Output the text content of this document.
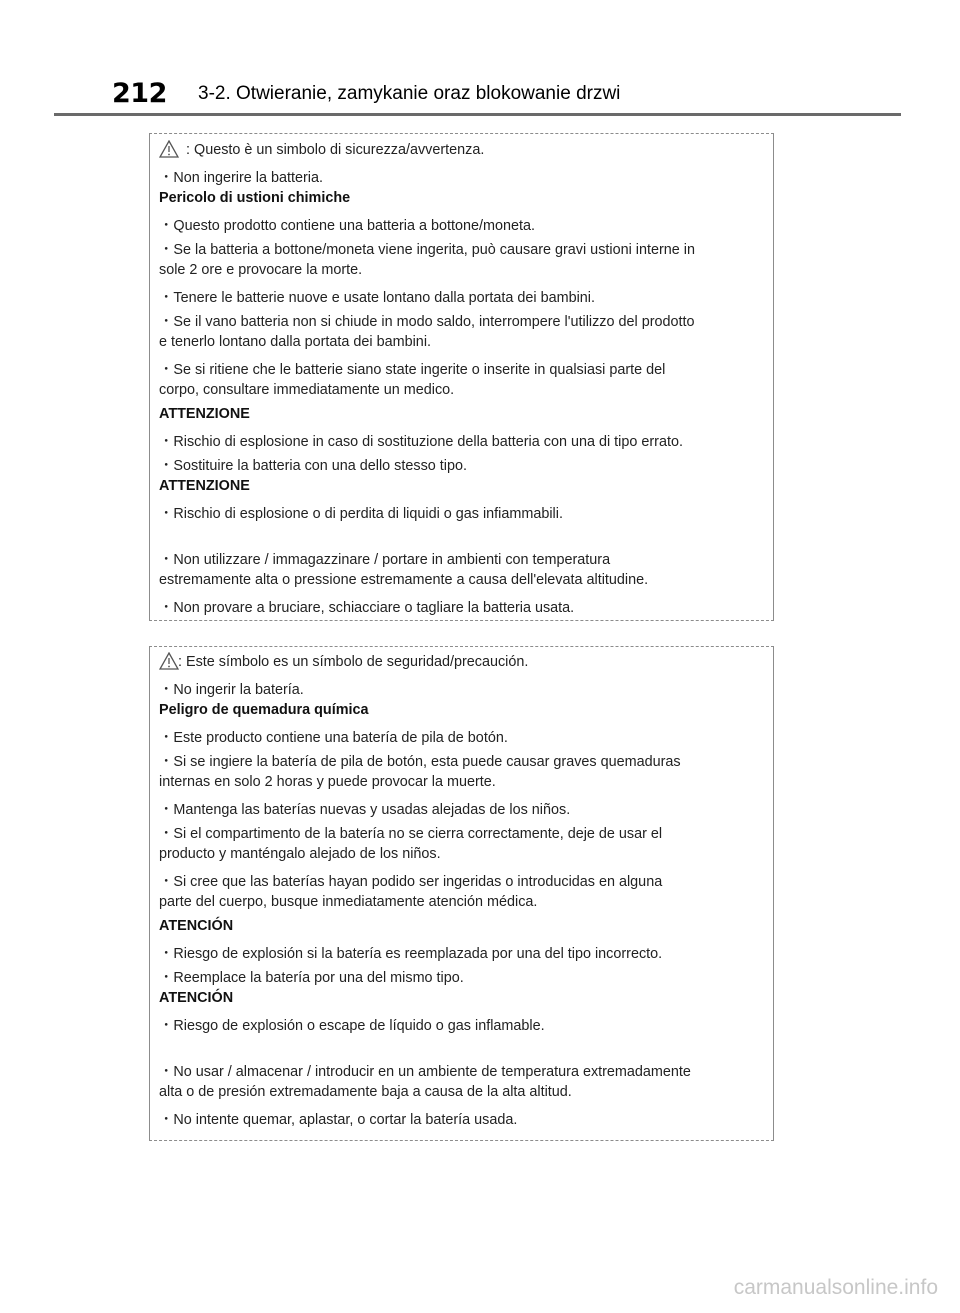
212 3-2. Otwieranie, zamykanie oraz blokowanie drzwi
: Questo è un simbolo di sicurezza/avvertenza.
・Non ingerire la batteria.
Pericolo di ustioni chimiche
・Questo prodotto contiene una batteria a bottone/moneta.
・Se la batteria a bottone/moneta viene ingerita, può causare gravi ustioni interne in
sole 2 ore e provocare la morte.
・Tenere le batterie nuove e usate lontano dalla portata dei bambini.
・Se il vano batteria non si chiude in modo saldo, interrompere l'utilizzo del prodotto
e tenerlo lontano dalla portata dei bambini.
・Se si ritiene che le batterie siano state ingerite o inserite in qualsiasi parte del
corpo, consultare immediatamente un medico.
ATTENZIONE
・Rischio di esplosione in caso di sostituzione della batteria con una di tipo errato.
・Sostituire la batteria con una dello stesso tipo.
ATTENZIONE
・Rischio di esplosione o di perdita di liquidi o gas infiammabili.
・Non utilizzare / immagazzinare / portare in ambienti con temperatura
estremamente alta o pressione estremamente a causa dell'elevata altitudine.
・Non provare a bruciare, schiacciare o tagliare la batteria usata.
: Este símbolo es un símbolo de seguridad/precaución.
・No ingerir la batería.
Peligro de quemadura química
・Este producto contiene una batería de pila de botón.
・Si se ingiere la batería de pila de botón, esta puede causar graves quemaduras
internas en solo 2 horas y puede provocar la muerte.
・Mantenga las baterías nuevas y usadas alejadas de los niños.
・Si el compartimento de la batería no se cierra correctamente, deje de usar el
producto y manténgalo alejado de los niños.
・Si cree que las baterías hayan podido ser ingeridas o introducidas en alguna
parte del cuerpo, busque inmediatamente atención médica.
ATENCIÓN
・Riesgo de explosión si la batería es reemplazada por una del tipo incorrecto.
・Reemplace la batería por una del mismo tipo.
ATENCIÓN
・Riesgo de explosión o escape de líquido o gas inflamable.
・No usar / almacenar / introducir en un ambiente de temperatura extremadamente
alta o de presión extremadamente baja a causa de la alta altitud.
・No intente quemar, aplastar, o cortar la batería usada.
carmanualsonline.info
